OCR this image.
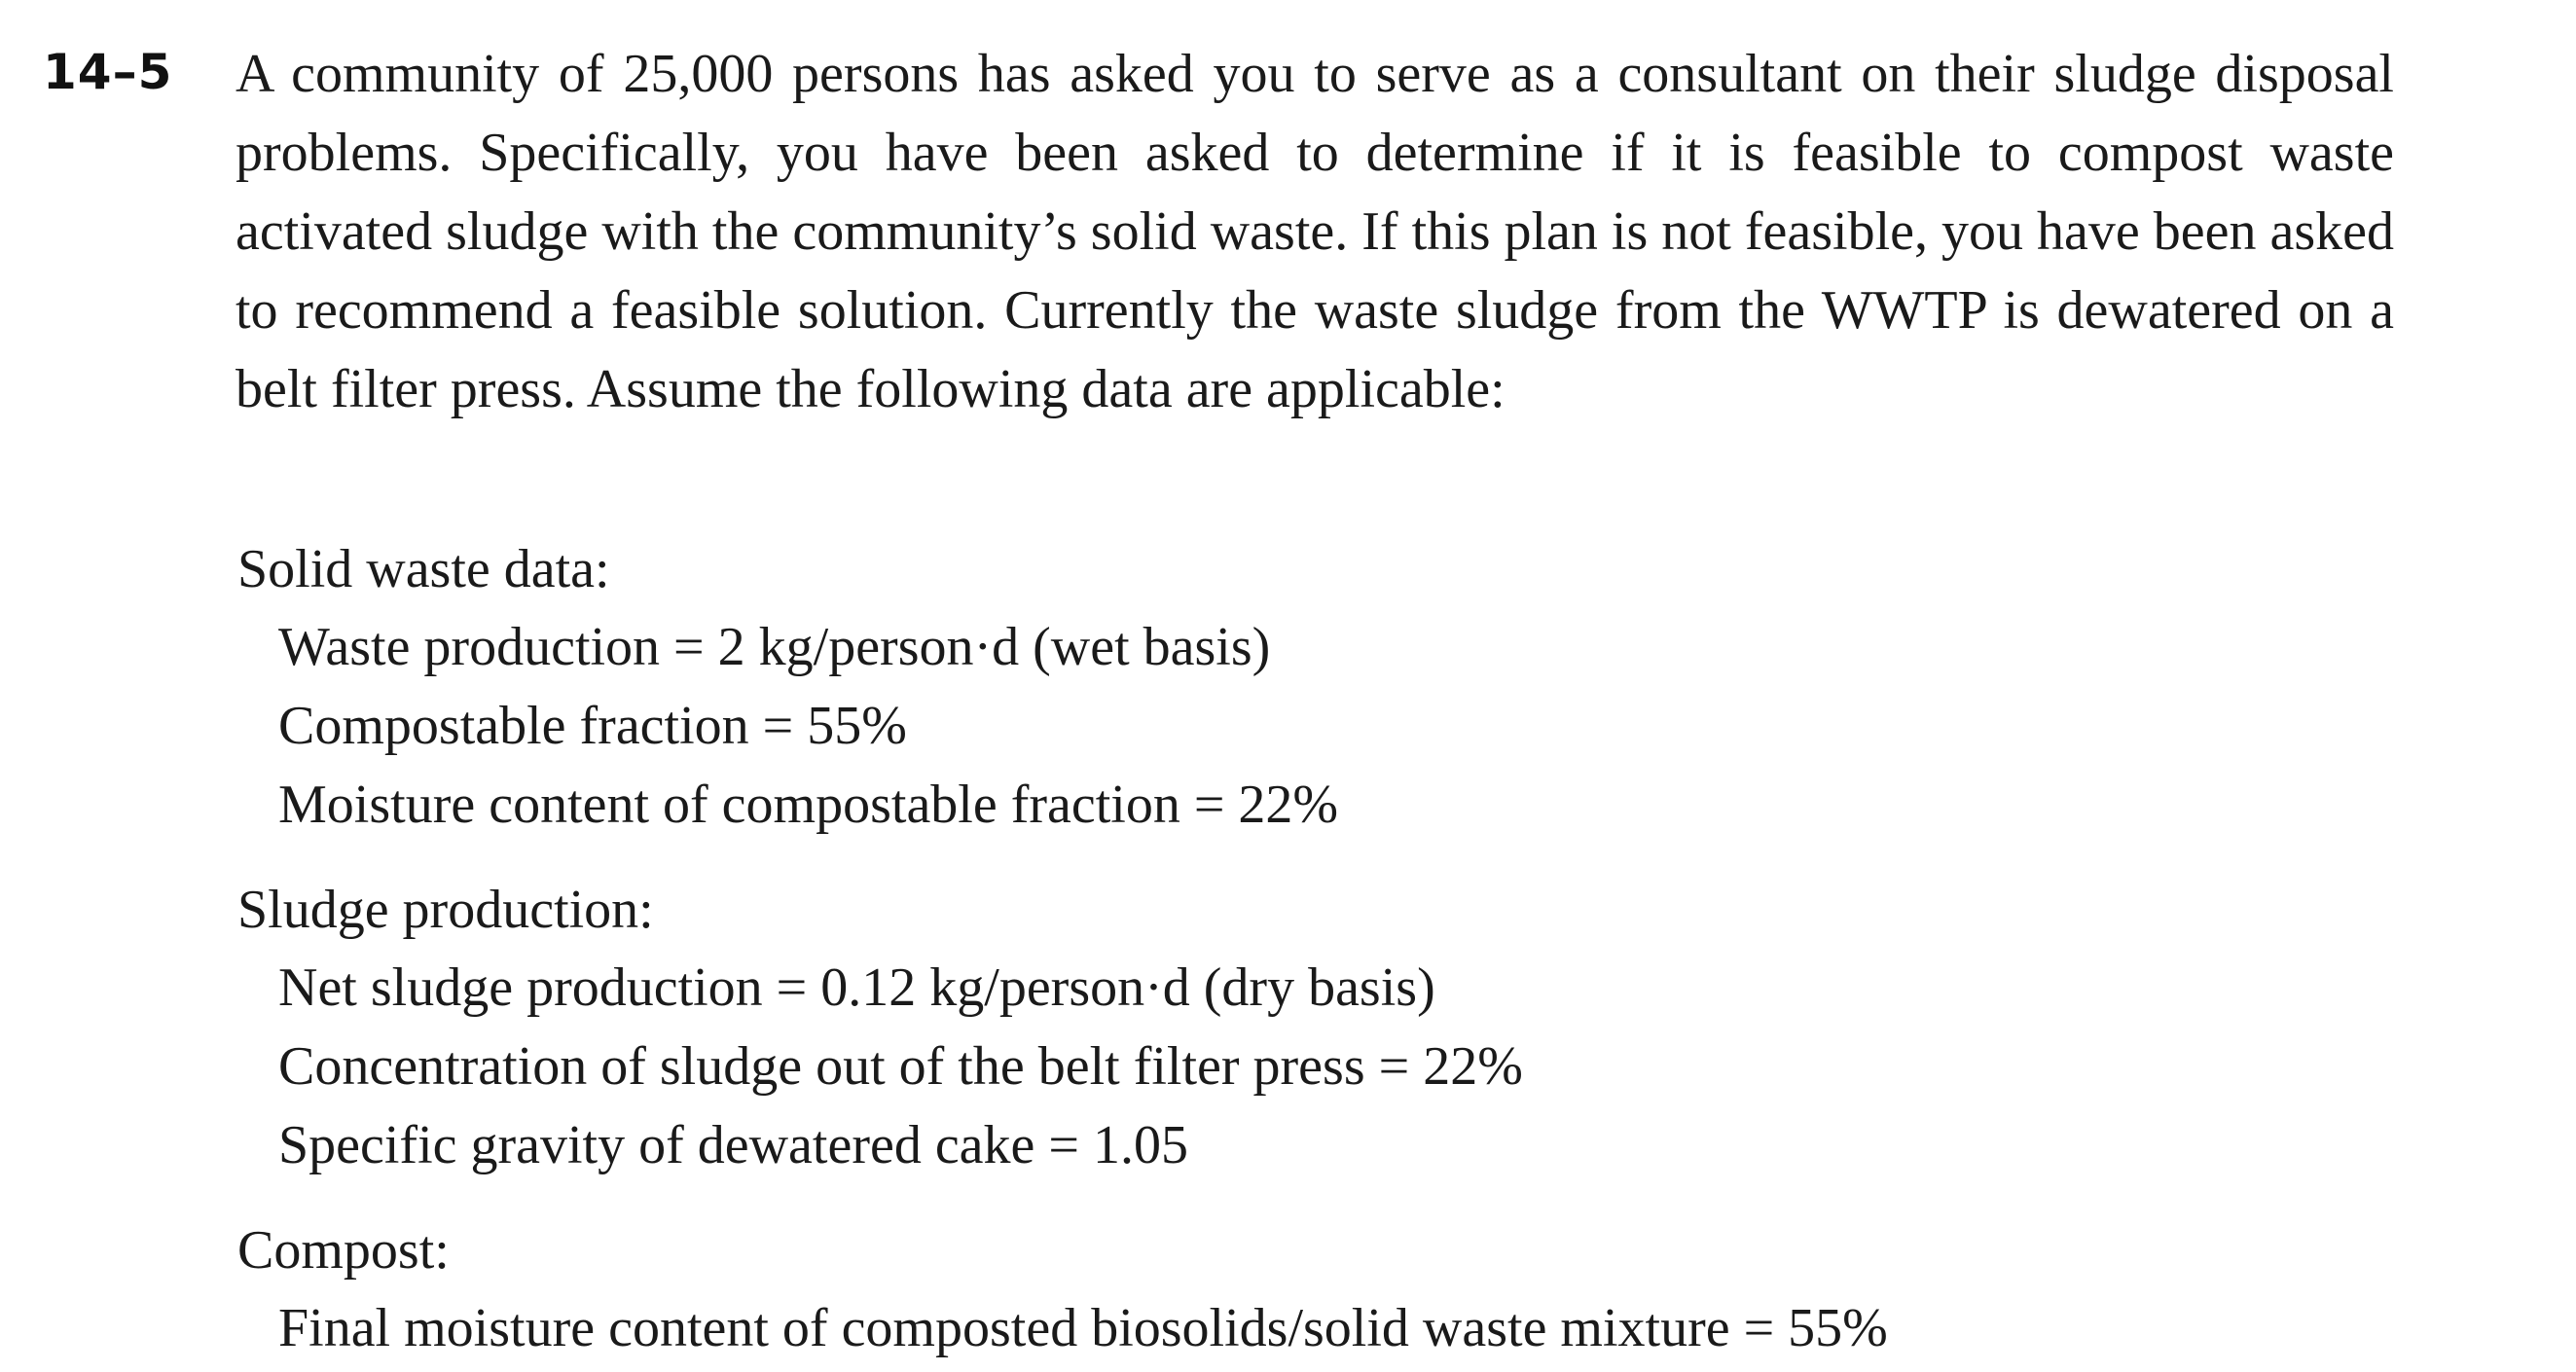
14–5 A community of 25,000 persons has asked you to serve as a consultant on their sludge disposal problems. Specifically, you have been asked to determine if it is feasible to compost waste activated sludge with the community’s solid waste. If this plan is not feasible, you have been asked to recommend a feasible solution. Currently the waste sludge from the WWTP is dewatered on a belt filter press. Assume the following data are applicable:
Solid waste data:
Waste production = 2 kg/person·d (wet basis)
Compostable fraction = 55%
Moisture content of compostable fraction = 22%
Sludge production:
Net sludge production = 0.12 kg/person·d (dry basis)
Concentration of sludge out of the belt filter press = 22%
Specific gravity of dewatered cake = 1.05
Compost:
Final moisture content of composted biosolids/solid waste mixture = 55%
